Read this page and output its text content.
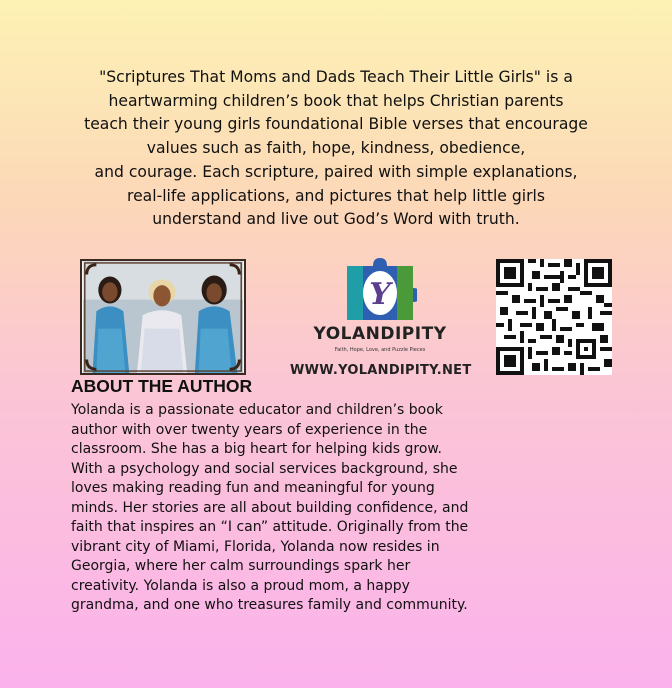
"Scriptures That Moms and Dads Teach Their Little Girls" is a
heartwarming children’s book that helps Christian parents
teach their young girls foundational Bible verses that encourage
values such as faith, hope, kindness, obedience,
and courage. Each scripture, paired with simple explanations,
real-life applications, and pictures that help little girls
understand and live out God’s Word with truth.

Y
YOLANDIPITY
Faith, Hope, Love, and Puzzle Pieces
WWW.YOLANDIPITY.NET
ABOUT THE AUTHOR

Yolanda is a passionate educator and children’s book
author with over twenty years of experience in the
classroom. She has a big heart for helping kids grow.
With a psychology and social services background, she
loves making reading fun and meaningful for young
minds. Her stories are all about building confidence, and
faith that inspires an “I can” attitude. Originally from the
vibrant city of Miami, Florida, Yolanda now resides in
Georgia, where her calm surroundings spark her
creativity. Yolanda is also a proud mom, a happy
grandma, and one who treasures family and community.
